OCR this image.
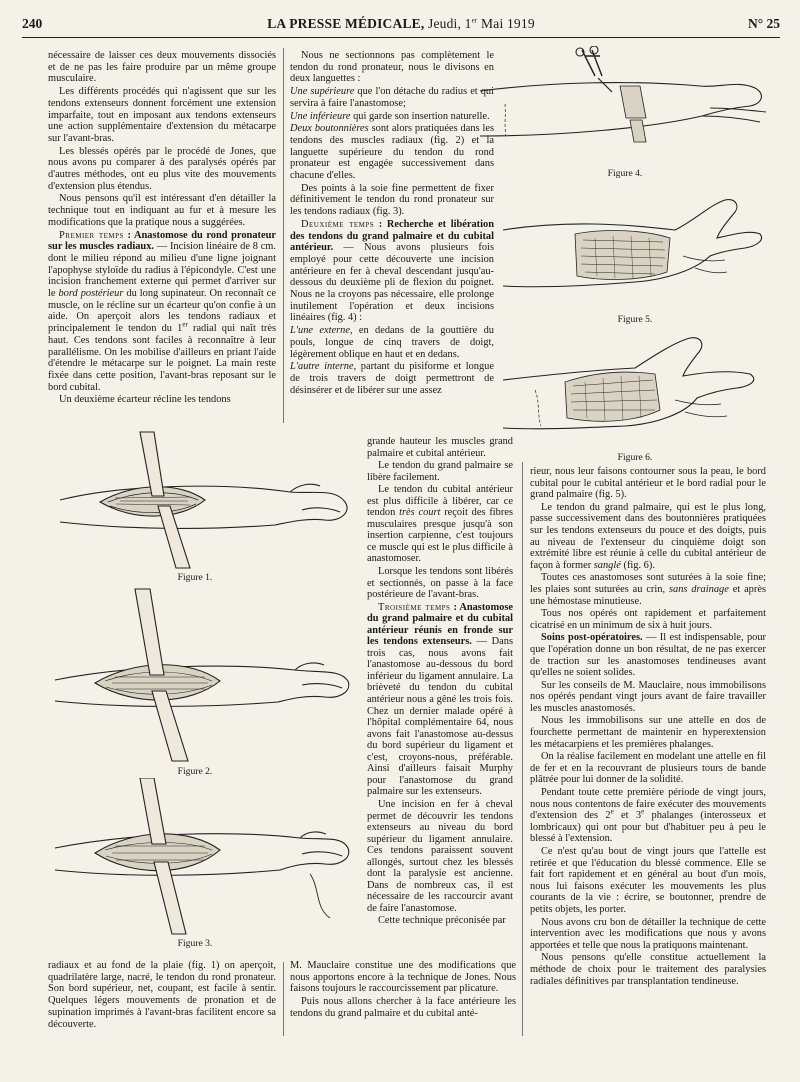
240	LA PRESSE MÉDICALE, Jeudi, 1er Mai 1919	N° 25

nécessaire de laisser ces deux mouvements dissociés et de ne pas les faire produire par un même groupe musculaire.

Les différents procédés qui n'agissent que sur les tendons extenseurs donnent forcément une extension imparfaite, tout en imposant aux tendons extenseurs une action supplémentaire d'extension du métacarpe sur l'avant-bras.

Les blessés opérés par le procédé de Jones, que nous avons pu comparer à des paralysés opérés par d'autres méthodes, ont eu plus vite des mouvements d'extension plus étendus.

Nous pensons qu'il est intéressant d'en détailler la technique tout en indiquant au fur et à mesure les modifications que la pratique nous a suggérées.

Premier temps : Anastomose du rond pronateur sur les muscles radiaux. — Incision linéaire de 8 cm. dont le milieu répond au milieu d'une ligne joignant l'apophyse styloïde du radius à l'épicondyle. C'est une incision franchement externe qui permet d'arriver sur le bord postérieur du long supinateur. On reconnaît ce muscle, on le récline sur un écarteur qu'on confie à un aide. On aperçoit alors les tendons radiaux et principalement le tendon du 1er radial qui naît très haut. Ces tendons sont faciles à reconnaître à leur parallélisme. On les mobilise d'ailleurs en priant l'aide d'étendre le métacarpe sur le poignet. La main reste fixée dans cette position, l'avant-bras reposant sur le bord cubital.

Un deuxième écarteur récline les tendons

Figure 1.
Figure 2.
Figure 3.

radiaux et au fond de la plaie (fig. 1) on aperçoit, quadrilatère large, nacré, le tendon du rond pronateur. Son bord supérieur, net, coupant, est facile à sentir. Quelques légers mouvements de pronation et de supination imprimés à l'avant-bras facilitent encore sa découverte.

Nous ne sectionnons pas complètement le tendon du rond pronateur, nous le divisons en deux languettes :

Une supérieure que l'on détache du radius et qui servira à faire l'anastomose;

Une inférieure qui garde son insertion naturelle.

Deux boutonnières sont alors pratiquées dans les tendons des muscles radiaux (fig. 2) et la languette supérieure du tendon du rond pronateur est engagée successivement dans chacune d'elles.

Des points à la soie fine permettent de fixer définitivement le tendon du rond pronateur sur les tendons radiaux (fig. 3).

Deuxième temps : Recherche et libération des tendons du grand palmaire et du cubital antérieur. — Nous avons plusieurs fois employé pour cette découverte une incision antérieure en fer à cheval descendant jusqu'au-dessous du deuxième pli de flexion du poignet. Nous ne la croyons pas nécessaire, elle prolonge inutilement l'opération et deux incisions linéaires (fig. 4) :

L'une externe, en dedans de la gouttière du pouls, longue de cinq travers de doigt, légèrement oblique en haut et en dedans.

L'autre interne, partant du pisiforme et longue de trois travers de doigt permettront de désinsérer et de libérer sur une assez

grande hauteur les muscles grand palmaire et cubital antérieur.

Le tendon du grand palmaire se libère facilement.

Le tendon du cubital antérieur est plus difficile à libérer, car ce tendon très court reçoit des fibres musculaires presque jusqu'à son insertion carpienne, c'est toujours ce muscle qui est le plus difficile à anastomoser.

Lorsque les tendons sont libérés et sectionnés, on passe à la face postérieure de l'avant-bras.

Troisième temps : Anastomose du grand palmaire et du cubital antérieur réunis en fronde sur les tendons extenseurs. — Dans trois cas, nous avons fait l'anastomose au-dessous du bord inférieur du ligament annulaire. La brièveté du tendon du cubital antérieur nous a gêné les trois fois. Chez un dernier malade opéré à l'hôpital complémentaire 64, nous avons fait l'anastomose au-dessus du bord supérieur du ligament et c'est, croyons-nous, préférable. Ainsi d'ailleurs faisait Murphy pour l'anastomose du grand palmaire sur les extenseurs.

Une incision en fer à cheval permet de découvrir les tendons extenseurs au niveau du bord supérieur du ligament annulaire. Ces tendons paraissent souvent allongés, surtout chez les blessés dont la paralysie est ancienne. Dans de nombreux cas, il est nécessaire de les raccourcir avant de faire l'anastomose.

Cette technique préconisée par

M. Mauclaire constitue une des modifications que nous apportons encore à la technique de Jones. Nous faisons toujours le raccourcissement par plicature.

Puis nous allons chercher à la face antérieure les tendons du grand palmaire et du cubital anté-

Figure 4.
Figure 5.
Figure 6.

rieur, nous leur faisons contourner sous la peau, le bord cubital pour le cubital antérieur et le bord radial pour le grand palmaire (fig. 5).

Le tendon du grand palmaire, qui est le plus long, passe successivement dans des boutonnières pratiquées sur les tendons extenseurs du pouce et des doigts, puis au niveau de l'extenseur du cinquième doigt son extrémité libre est réunie à celle du cubital antérieur de façon à former sanglé (fig. 6).

Toutes ces anastomoses sont suturées à la soie fine; les plaies sont suturées au crin, sans drainage et après une hémostase minutieuse.

Tous nos opérés ont rapidement et parfaitement cicatrisé en un minimum de six à huit jours.

Soins post-opératoires. — Il est indispensable, pour que l'opération donne un bon résultat, de ne pas exercer de traction sur les anastomoses tendineuses avant qu'elles ne soient solides.

Sur les conseils de M. Mauclaire, nous immobilisons nos opérés pendant vingt jours avant de faire travailler les muscles anastomosés.

Nous les immobilisons sur une attelle en dos de fourchette permettant de maintenir en hyperextension les métacarpiens et les premières phalanges.

On la réalise facilement en modelant une attelle en fil de fer et en la recouvrant de plusieurs tours de bande plâtrée pour lui donner de la solidité.

Pendant toute cette première période de vingt jours, nous nous contentons de faire exécuter des mouvements d'extension des 2e et 3e phalanges (interosseux et lombricaux) qui ont pour but d'habituer peu à peu le blessé à l'extension.

Ce n'est qu'au bout de vingt jours que l'attelle est retirée et que l'éducation du blessé commence. Elle se fait fort rapidement et en général au bout d'un mois, nous lui faisons exécuter les mouvements les plus courants de la vie : écrire, se boutonner, prendre de petits objets, les porter.

Nous avons cru bon de détailler la technique de cette intervention avec les modifications que nous y avons apportées et telle que nous la pratiquons maintenant.

Nous pensons qu'elle constitue actuellement la méthode de choix pour le traitement des paralysies radiales définitives par transplantation tendineuse.
